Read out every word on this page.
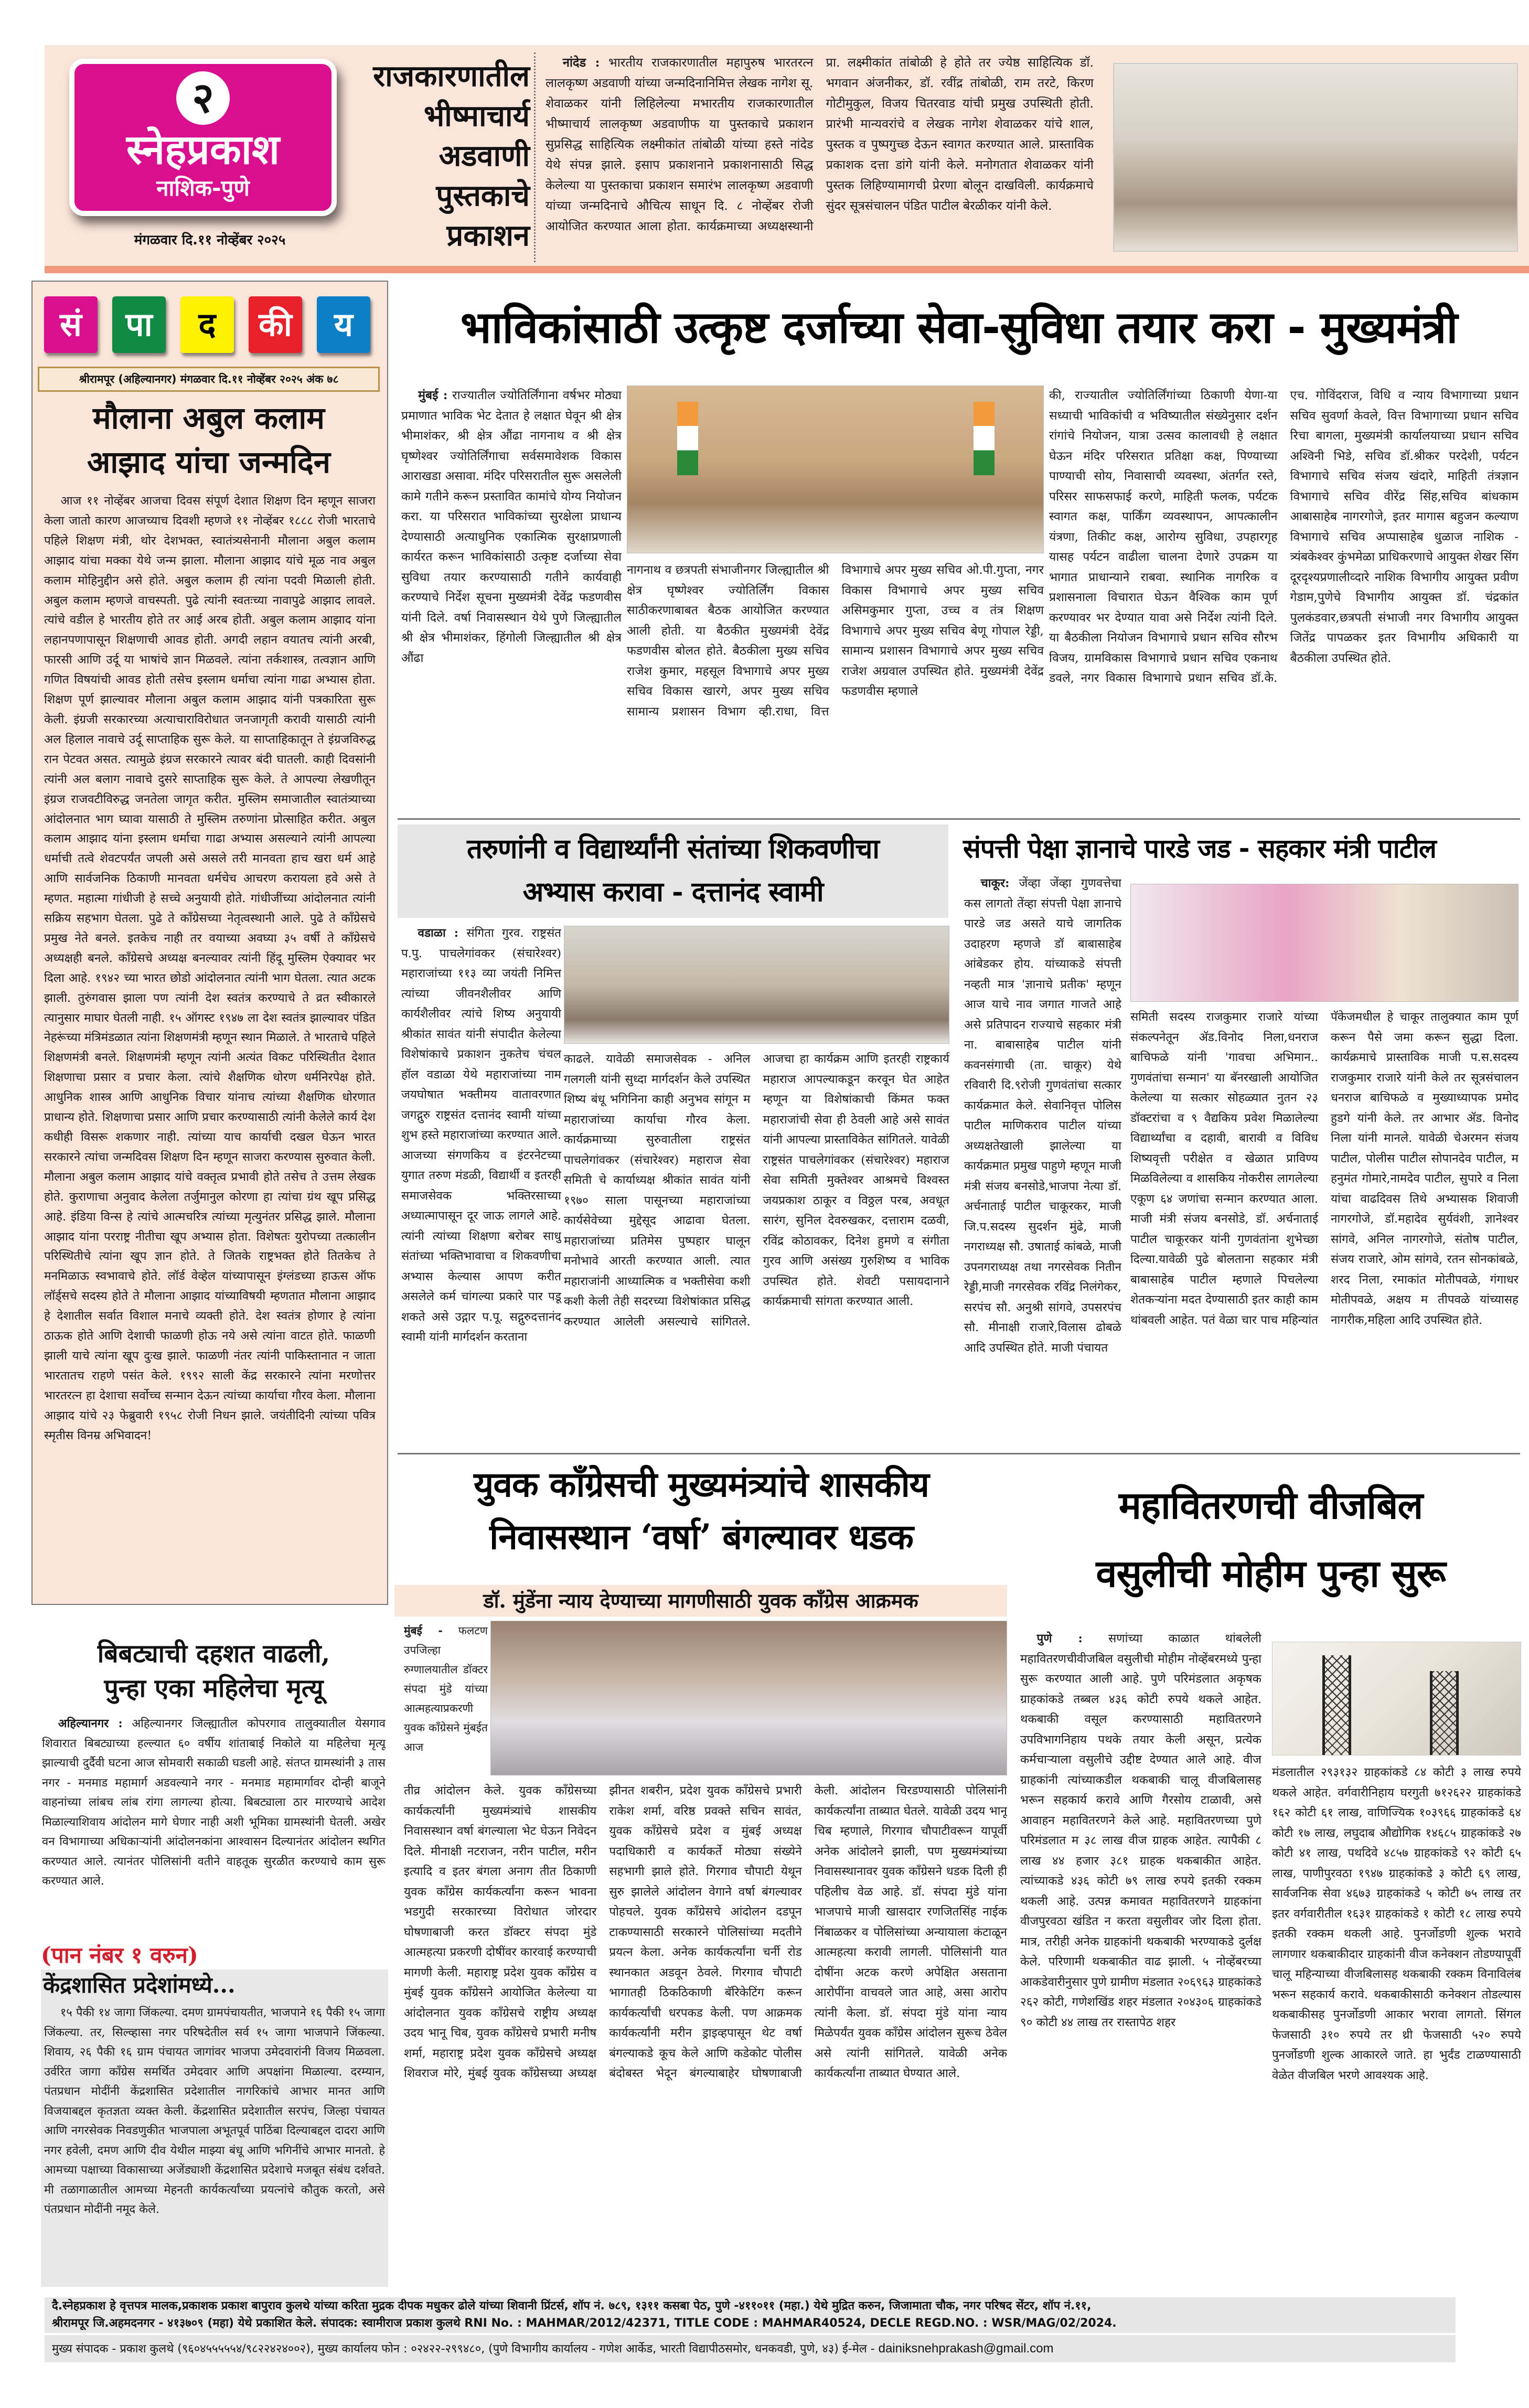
२
स्नेहप्रकाश
नाशिक-पुणे
मंगळवार दि.११ नोव्हेंबर २०२५
राजकारणातील
भीष्माचार्य
अडवाणी
पुस्तकाचे
प्रकाशन

नांदेड : भारतीय राजकारणातील महापुरुष भारतरत्न लालकृष्ण अडवाणी यांच्या जन्मदिनानिमित्त लेखक नागेश सू. शेवाळकर यांनी लिहिलेल्या मभारतीय राजकारणातील भीष्माचार्य लालकृष्ण अडवाणीफ या पुस्तकाचे प्रकाशन सुप्रसिद्ध साहित्यिक लक्ष्मीकांत तांबोळी यांच्या हस्ते नांदेड येथे संपन्न झाले. इसाप प्रकाशनाने प्रकाशनासाठी सिद्ध केलेल्या या पुस्तकाचा प्रकाशन समारंभ लालकृष्ण अडवाणी यांच्या जन्मदिनाचे औचित्य साधून दि. ८ नोव्हेंबर रोजी आयोजित करण्यात आला होता. कार्यक्रमाच्या अध्यक्षस्थानी प्रा. लक्ष्मीकांत तांबोळी हे होते तर ज्येष्ठ साहित्यिक डॉ. भगवान अंजनीकर, डॉ. रवींद्र तांबोळी, राम तरटे, किरण गोटीमुकुल, विजय चितरवाड यांची प्रमुख उपस्थिती होती. प्रारंभी मान्यवरांचे व लेखक नागेश शेवाळकर यांचे शाल, पुस्तक व पुष्पगुच्छ देऊन स्वागत करण्यात आले. प्रास्ताविक प्रकाशक दत्ता डांगे यांनी केले. मनोगतात शेवाळकर यांनी पुस्तक लिहिण्यामागची प्रेरणा बोलून दाखविली. कार्यक्रमाचे सुंदर सूत्रसंचालन पंडित पाटील बेरळीकर यांनी केले.

सं	पा	द	की	य
श्रीरामपूर (अहिल्यानगर) मंगळवार दि.११ नोव्हेंबर २०२५ अंक ७८
मौलाना अबुल कलाम
आझाद यांचा जन्मदिन

आज ११ नोव्हेंबर आजचा दिवस संपूर्ण देशात शिक्षण दिन म्हणून साजरा केला जातो कारण आजच्याच दिवशी म्हणजे ११ नोव्हेंबर १८८८ रोजी भारताचे पहिले शिक्षण मंत्री, थोर देशभक्त, स्वातंत्र्यसेनानी मौलाना अबुल कलाम आझाद यांचा मक्का येथे जन्म झाला. मौलाना आझाद यांचे मूळ नाव अबुल कलाम मोहिनुद्दीन असे होते. अबुल कलाम ही त्यांना पदवी मिळाली होती. अबुल कलाम म्हणजे वाचस्पती. पुढे त्यांनी स्वतःच्या नावापुढे आझाद लावले. त्यांचे वडील हे भारतीय होते तर आई अरब होती. अबुल कलाम आझाद यांना लहानपणापासून शिक्षणाची आवड होती. अगदी लहान वयातच त्यांनी अरबी, फारसी आणि उर्दू या भाषांचे ज्ञान मिळवले. त्यांना तर्कशास्त्र, तत्वज्ञान आणि गणित विषयांची आवड होती तसेच इस्लाम धर्माचा त्यांना गाढा अभ्यास होता. शिक्षण पूर्ण झाल्यावर मौलाना अबुल कलाम आझाद यांनी पत्रकारिता सुरू केली. इंग्रजी सरकारच्या अत्याचाराविरोधात जनजागृती करावी यासाठी त्यांनी अल हिलाल नावाचे उर्दू साप्ताहिक सुरू केले. या साप्ताहिकातून ते इंग्रजविरुद्ध रान पेटवत असत. त्यामुळे इंग्रज सरकारने त्यावर बंदी घातली. काही दिवसांनी त्यांनी अल बलाग नावाचे दुसरे साप्ताहिक सुरू केले. ते आपल्या लेखणीतून इंग्रज राजवटीविरुद्ध जनतेला जागृत करीत. मुस्लिम समाजातील स्वातंत्र्याच्या आंदोलनात भाग घ्यावा यासाठी ते मुस्लिम तरुणांना प्रोत्साहित करीत. अबुल कलाम आझाद यांना इस्लाम धर्माचा गाढा अभ्यास असल्याने त्यांनी आपल्या धर्माची तत्वे शेवटपर्यंत जपली असे असले तरी मानवता हाच खरा धर्म आहे आणि सार्वजनिक ठिकाणी मानवता धर्मचेच आचरण करायला हवे असे ते म्हणत. महात्मा गांधीजी हे सच्चे अनुयायी होते. गांधीजींच्या आंदोलनात त्यांनी सक्रिय सहभाग घेतला. पुढे ते कॉंग्रेसच्या नेतृत्वस्थानी आले. पुढे ते कॉंग्रेसचे प्रमुख नेते बनले. इतकेच नाही तर वयाच्या अवघ्या ३५ वर्षी ते कॉंग्रेसचे अध्यक्षही बनले. कॉंग्रेसचे अध्यक्ष बनल्यावर त्यांनी हिंदू मुस्लिम ऐक्यावर भर दिला आहे. १९४२ च्या भारत छोडो आंदोलनात त्यांनी भाग घेतला. त्यात अटक झाली. तुरुंगवास झाला पण त्यांनी देश स्वतंत्र करण्याचे ते व्रत स्वीकारले त्यानुसार माघार घेतली नाही. १५ ऑगस्ट १९४७ ला देश स्वतंत्र झाल्यावर पंडित नेहरूंच्या मंत्रिमंडळात त्यांना शिक्षणमंत्री म्हणून स्थान मिळाले. ते भारताचे पहिले शिक्षणमंत्री बनले. शिक्षणमंत्री म्हणून त्यांनी अत्यंत विकट परिस्थितीत देशात शिक्षणाचा प्रसार व प्रचार केला. त्यांचे शैक्षणिक धोरण धर्मनिरपेक्ष होते. आधुनिक शास्त्र आणि आधुनिक विचार यांनाच त्यांच्या शैक्षणिक धोरणात प्राधान्य होते. शिक्षणाचा प्रसार आणि प्रचार करण्यासाठी त्यांनी केलेले कार्य देश कधीही विसरू शकणार नाही. त्यांच्या याच कार्याची दखल घेऊन भारत सरकारने त्यांचा जन्मदिवस शिक्षण दिन म्हणून साजरा करण्यास सुरुवात केली. मौलाना अबुल कलाम आझाद यांचे वक्तृत्व प्रभावी होते तसेच ते उत्तम लेखक होते. कुराणाचा अनुवाद केलेला तर्जुमानुल कोरणा हा त्यांचा ग्रंथ खूप प्रसिद्ध आहे. इंडिया विन्स हे त्यांचे आत्मचरित्र त्यांच्या मृत्युनंतर प्रसिद्ध झाले. मौलाना आझाद यांना परराष्ट्र नीतीचा खूप अभ्यास होता. विशेषतः युरोपच्या तत्कालीन परिस्थितीचे त्यांना खूप ज्ञान होते. ते जितके राष्ट्रभक्त होते तितकेच ते मनमिळाऊ स्वभावाचे होते. लॉर्ड वेव्हेल यांच्यापासून इंग्लंडच्या हाऊस ऑफ लॉर्ड्सचे सदस्य होते ते मौलाना आझाद यांच्याविषयी म्हणतात मौलाना आझाद हे देशातील सर्वात विशाल मनाचे व्यक्ती होते. देश स्वतंत्र होणार हे त्यांना ठाऊक होते आणि देशाची फाळणी होऊ नये असे त्यांना वाटत होते. फाळणी झाली याचे त्यांना खूप दुःख झाले. फाळणी नंतर त्यांनी पाकिस्तानात न जाता भारतातच राहणे पसंत केले. १९९२ साली केंद्र सरकारने त्यांना मरणोत्तर भारतरत्न हा देशाचा सर्वोच्च सन्मान देऊन त्यांच्या कार्याचा गौरव केला. मौलाना आझाद यांचे २३ फेब्रुवारी १९५८ रोजी निधन झाले. जयंतीदिनी त्यांच्या पवित्र स्मृतीस विनम्र अभिवादन!

बिबट्याची दहशत वाढली,
पुन्हा एका महिलेचा मृत्यू

अहिल्यानगर : अहिल्यानगर जिल्ह्यातील कोपरगाव तालुक्यातील येसगाव शिवारात बिबट्याच्या हल्ल्यात ६० वर्षीय शांताबाई निकोले या महिलेचा मृत्यू झाल्याची दुर्दैवी घटना आज सोमवारी सकाळी घडली आहे. संतप्त ग्रामस्थांनी ३ तास नगर - मनमाड महामार्ग अडवल्याने नगर - मनमाड महामार्गावर दोन्ही बाजूने वाहनांच्या लांबच लांब रांगा लागल्या होत्या. बिबट्याला ठार मारण्याचे आदेश मिळाल्याशिवाय आंदोलन मागे घेणार नाही अशी भूमिका ग्रामस्थांनी घेतली. अखेर वन विभागाच्या अधिकाऱ्यांनी आंदोलनकांना आश्वासन दिल्यानंतर आंदोलन स्थगित करण्यात आले. त्यानंतर पोलिसांनी वतीने वाहतूक सुरळीत करण्याचे काम सुरू करण्यात आले.

(पान नंबर १ वरुन)
केंद्रशासित प्रदेशांमध्ये...

१५ पैकी १४ जागा जिंकल्या. दमण ग्रामपंचायतीत, भाजपाने १६ पैकी १५ जागा जिंकल्या. तर, सिल्व्हासा नगर परिषदेतील सर्व १५ जागा भाजपाने जिंकल्या. शिवाय, २६ पैकी १६ ग्राम पंचायत जागांवर भाजपा उमेदवारांनी विजय मिळवला. उर्वरित जागा कॉंग्रेस समर्थित उमेदवार आणि अपक्षांना मिळाल्या. दरम्यान, पंतप्रधान मोदींनी केंद्रशासित प्रदेशातील नागरिकांचे आभार मानत आणि विजयाबद्दल कृतज्ञता व्यक्त केली. केंद्रशासित प्रदेशातील सरपंच, जिल्हा पंचायत आणि नगरसेवक निवडणुकीत भाजपाला अभूतपूर्व पाठिंबा दिल्याबद्दल दादरा आणि नगर हवेली, दमण आणि दीव येथील माझ्या बंधू आणि भगिनींचे आभार मानतो. हे आमच्या पक्षाच्या विकासाच्या अजेंड्याशी केंद्रशासित प्रदेशाचे मजबूत संबंध दर्शवते. मी तळागाळातील आमच्या मेहनती कार्यकर्त्यांच्या प्रयत्नांचे कौतुक करतो, असे पंतप्रधान मोदींनी नमूद केले.

भाविकांसाठी उत्कृष्ट दर्जाच्या सेवा-सुविधा तयार करा - मुख्यमंत्री

मुंबई : राज्यातील ज्योतिर्लिंगाना वर्षभर मोठ्या प्रमाणात भाविक भेट देतात हे लक्षात घेवून श्री क्षेत्र भीमाशंकर, श्री क्षेत्र औंढा नागनाथ व श्री क्षेत्र घृष्णेश्वर ज्योतिर्लिंगाचा सर्वसमावेशक विकास आराखडा असावा. मंदिर परिसरातील सुरू असलेली कामे गतीने करून प्रस्तावित कामांचे योग्य नियोजन करा. या परिसरात भाविकांच्या सुरक्षेला प्राधान्य देण्यासाठी अत्याधुनिक एकात्मिक सुरक्षाप्रणाली कार्यरत करून भाविकांसाठी उत्कृष्ट दर्जाच्या सेवा सुविधा तयार करण्यासाठी गतीने कार्यवाही करण्याचे निर्देश सूचना मुख्यमंत्री देवेंद्र फडणवीस यांनी दिले. वर्षा निवासस्थान येथे पुणे जिल्ह्यातील श्री क्षेत्र भीमाशंकर, हिंगोली जिल्ह्यातील श्री क्षेत्र औंढा

नागनाथ व छत्रपती संभाजीनगर जिल्ह्यातील श्री क्षेत्र घृष्णेश्वर ज्योतिर्लिंग विकास साठीकरणाबाबत बैठक आयोजित करण्यात आली होती. या बैठकीत मुख्यमंत्री देवेंद्र फडणवीस बोलत होते. बैठकीला मुख्य सचिव राजेश कुमार, महसूल विभागाचे अपर मुख्य सचिव विकास खारगे, अपर मुख्य सचिव सामान्य प्रशासन विभाग व्ही.राधा, वित्त विभागाचे अपर मुख्य सचिव ओ.पी.गुप्ता, नगर विकास विभागाचे अपर मुख्य सचिव असिमकुमार गुप्ता, उच्च व तंत्र शिक्षण विभागाचे अपर मुख्य सचिव बेणू गोपाल रेड्डी, सामान्य प्रशासन विभागाचे अपर मुख्य सचिव राजेश अग्रवाल उपस्थित होते. मुख्यमंत्री देवेंद्र फडणवीस म्हणाले

की, राज्यातील ज्योतिर्लिंगांच्या ठिकाणी येणा-या सध्याची भाविकांची व भविष्यातील संख्येनुसार दर्शन रांगांचे नियोजन, यात्रा उत्सव कालावधी हे लक्षात घेऊन मंदिर परिसरात प्रतिक्षा कक्ष, पिण्याच्या पाण्याची सोय, निवासाची व्यवस्था, अंतर्गत रस्ते, परिसर साफसफाई करणे, माहिती फलक, पर्यटक स्वागत कक्ष, पार्किंग व्यवस्थापन, आपत्कालीन यंत्रणा, तिकीट कक्ष, आरोग्य सुविधा, उपहारगृह यासह पर्यटन वाढीला चालना देणारे उपक्रम या भागात प्राधान्याने राबवा. स्थानिक नागरिक व प्रशासनाला विचारात घेऊन वैश्विक काम पूर्ण करण्यावर भर देण्यात यावा असे निर्देश त्यांनी दिले. या बैठकीला नियोजन विभागाचे प्रधान सचिव सौरभ विजय, ग्रामविकास विभागाचे प्रधान सचिव एकनाथ डवले, नगर विकास विभागाचे प्रधान सचिव डॉ.के. एच. गोविंदराज, विधि व न्याय विभागाच्या प्रधान सचिव सुवर्णा केवले, वित्त विभागाच्या प्रधान सचिव रिचा बागला, मुख्यमंत्री कार्यालयाच्या प्रधान सचिव अश्विनी भिडे, सचिव डॉ.श्रीकर परदेशी, पर्यटन विभागाचे सचिव संजय खंदारे, माहिती तंत्रज्ञान विभागाचे सचिव वीरेंद्र सिंह,सचिव बांधकाम आबासाहेब नागरगोजे, इतर मागास बहुजन कल्याण विभागाचे सचिव अप्पासाहेब धुळाज नाशिक - त्र्यंबकेश्वर कुंभमेळा प्राधिकरणाचे आयुक्त शेखर सिंग दूरदृश्यप्रणालीव्दारे नाशिक विभागीय आयुक्त प्रवीण गेडाम,पुणेचे विभागीय आयुक्त डॉ. चंद्रकांत पुलकंडवार,छत्रपती संभाजी नगर विभागीय आयुक्त जितेंद्र पापळकर इतर विभागीय अधिकारी या बैठकीला उपस्थित होते.

तरुणांनी व विद्यार्थ्यांनी संतांच्या शिकवणीचा
अभ्यास करावा - दत्तानंद स्वामी

वडाळा : संगिता गुरव. राष्ट्रसंत प.पु. पाचलेगांवकर (संचारेश्वर) महाराजांच्या ११३ व्या जयंती निमित्त त्यांच्या जीवनशैलीवर आणि कार्यशैलीवर त्यांचे शिष्य अनुयायी श्रीकांत सावंत यांनी संपादीत केलेल्या विशेषांकाचे प्रकाशन नुकतेच चंचल हॉल वडाळा येथे महाराजांच्या नाम जयघोषात भक्तीमय वातावरणात जगद्गुरु राष्ट्रसंत दत्तानंद स्वामी यांच्या शुभ हस्ते महाराजांच्या करण्यात आले. आजच्या संगणकिय व इंटरनेटच्या युगात तरुण मंडळी, विद्यार्थी व इतरही समाजसेवक भक्तिरसाच्या अध्यात्मापासून दूर जाऊ लागले आहे. त्यांनी त्यांच्या शिक्षणा बरोबर साधु संतांच्या भक्तिभावाचा व शिकवणीचा अभ्यास केल्यास आपण करीत असलेले कर्म चांगल्या प्रकारे पार पडू शकते असे उद्गार प.पू. सद्गुरुदत्तानंद स्वामी यांनी मार्गदर्शन करताना

काढले. यावेळी समाजसेवक - अनिल गलगली यांनी सुध्दा मार्गदर्शन केले उपस्थित शिष्य बंधू भगिनिना काही अनुभव सांगून म महाराजांच्या कार्याचा गौरव केला. कार्यक्रमाच्या सुरुवातीला राष्ट्रसंत पाचलेगांवकर (संचारेश्वर) महाराज सेवा समिती चे कार्याध्यक्ष श्रीकांत सावंत यांनी १९७० साला पासूनच्या महाराजांच्या कार्यसेवेच्या मुद्देसूद आढावा घेतला. महाराजांच्या प्रतिमेस पुष्पहार घालून मनोभावे आरती करण्यात आली. त्यात महाराजांनी आध्यात्मिक व भक्तीसेवा कशी कशी केली तेही सदरच्या विशेषांकात प्रसिद्ध करण्यात आलेली असल्याचे सांगितले. आजचा हा कार्यक्रम आणि इतरही राष्ट्रकार्य महाराज आपल्याकडून करवून घेत आहेत म्हणून या विशेषांकाची किंमत फक्त महाराजांची सेवा ही ठेवली आहे असे सावंत यांनी आपल्या प्रास्ताविकेत सांगितले. यावेळी राष्ट्रसंत पाचलेगांवकर (संचारेश्वर) महाराज सेवा समिती मुक्तेश्वर आश्रमचे विश्वस्त जयप्रकाश ठाकूर व विठ्ठल परब, अवधूत सारंग, सुनिल देवरुखकर, दत्ताराम दळवी, रविंद्र कोठावकर, दिनेश हुमणे व संगीता गुरव आणि असंख्य गुरुशिष्य व भाविक उपस्थित होते. शेवटी पसायदानाने कार्यक्रमाची सांगता करण्यात आली.

संपत्ती पेक्षा ज्ञानाचे पारडे जड - सहकार मंत्री पाटील

चाकूर: जेंव्हा जेंव्हा गुणवत्तेचा कस लागतो तेंव्हा संपत्ती पेक्षा ज्ञानाचे पारडे जड असते याचे जागतिक उदाहरण म्हणजे डॉ बाबासाहेब आंबेडकर होय. यांच्याकडे संपत्ती नव्हती मात्र 'ज्ञानाचे प्रतीक' म्हणून आज याचे नाव जगात गाजते आहे असे प्रतिपादन राज्याचे सहकार मंत्री ना. बाबासाहेब पाटील यांनी कवनसंगाची (ता. चाकूर) येथे रविवारी दि.९रोजी गुणवंतांचा सत्कार कार्यक्रमात केले. सेवानिवृत्त पोलिस पाटील माणिकराव पाटील यांच्या अध्यक्षतेखाली झालेल्या या कार्यक्रमात प्रमुख पाहुणे म्हणून माजी मंत्री संजय बनसोडे,भाजपा नेत्या डॉ. अर्चनाताई पाटील चाकूरकर, माजी जि.प.सदस्य सुदर्शन मुंढे, माजी नगराध्यक्ष सौ. उषाताई कांबळे, माजी उपनगराध्यक्ष तथा नगरसेवक नितीन रेड्डी,माजी नगरसेवक रविंद्र निलंगेकर, सरपंच सौ. अनुश्री सांगवे, उपसरपंच सौ. मीनाक्षी राजारे,विलास ढोबळे आदि उपस्थित होते. माजी पंचायत

समिती सदस्य राजकुमार राजारे यांच्या संकल्पनेतून ॲड.विनोद निला,धनराज बाचिफळे यांनी 'गावचा अभिमान.. गुणवंतांचा सन्मान' या बॅनरखाली आयोजित केलेल्या या सत्कार सोहळ्यात नुतन २३ डॉक्टरांचा व ९ वैद्यकिय प्रवेश मिळालेल्या विद्यार्थ्यांचा व दहावी, बारावी व विविध शिष्यवृत्ती परीक्षेत व खेळात प्राविण्य मिळविलेल्या व शासकिय नोकरीस लागलेल्या एकूण ६४ जणांचा सन्मान करण्यात आला. माजी मंत्री संजय बनसोडे, डॉ. अर्चनाताई पाटील चाकूरकर यांनी गुणवंतांना शुभेच्छा दिल्या.यावेळी पुढे बोलताना सहकार मंत्री बाबासाहेब पाटील म्हणाले पिचलेल्या शेतकऱ्यांना मदत देण्यासाठी इतर काही काम थांबवली आहेत. पतं वेळा चार पाच महिन्यांत पॅकेजमधील हे चाकूर तालुक्यात काम पूर्ण करून पैसे जमा करून सुद्धा दिला. कार्यक्रमाचे प्रास्ताविक माजी प.स.सदस्य राजकुमार राजारे यांनी केले तर सूत्रसंचालन धनराज बाचिफळे व मुख्याध्यापक प्रमोद हुडगे यांनी केले. तर आभार ॲड. विनोद निला यांनी मानले. यावेळी चेअरमन संजय पाटील, पोलीस पाटील सोपानदेव पाटील, म हनुमंत गोमारे,नामदेव पाटील, सुपारे व निला यांचा वाढदिवस तिथे अभ्यासक शिवाजी नागरगोजे, डॉ.महादेव सुर्यवंशी, ज्ञानेश्वर सांगवे, अनिल नागरगोजे, संतोष पाटील, संजय राजारे, ओम सांगवे, रतन सोनकांबळे, शरद निला, रमाकांत मोतीपवळे, गंगाधर मोतीपवळे, अक्षय म तीपवळे यांच्यासह नागरीक,महिला आदि उपस्थित होते.

युवक कॉंग्रेसची मुख्यमंत्र्यांचे शासकीय
निवासस्थान ‘वर्षा’ बंगल्यावर धडक
डॉ. मुंडेंना न्याय देण्याच्या मागणीसाठी युवक कॉंग्रेस आक्रमक

मुंबई - फलटण उपजिल्हा रुग्णालयातील डॉक्टर संपदा मुंडे यांच्या आत्महत्याप्रकरणी युवक कॉंग्रेसने मुंबईत आज

तीव्र आंदोलन केले. युवक कॉंग्रेसच्या कार्यकर्त्यांनी मुख्यमंत्र्यांचे शासकीय निवासस्थान वर्षा बंगल्याला भेट घेऊन निवेदन दिले. मीनाक्षी नटराजन, नरीन पाटील, मरीन इत्यादि व इतर बंगला अनाग तीत ठिकाणी युवक कॉंग्रेस कार्यकर्त्यांना करून भावना भडगुदी सरकारच्या विरोधात जोरदार घोषणाबाजी करत डॉक्टर संपदा मुंडे आत्महत्या प्रकरणी दोषींवर कारवाई करण्याची मागणी केली. महाराष्ट्र प्रदेश युवक कॉंग्रेस व मुंबई युवक कॉंग्रेसने आयोजित केलेल्या या आंदोलनात युवक कॉंग्रेसचे राष्ट्रीय अध्यक्ष उदय भानू चिब, युवक कॉंग्रेसचे प्रभारी मनीष शर्मा, महाराष्ट्र प्रदेश युवक कॉंग्रेसचे अध्यक्ष शिवराज मोरे, मुंबई युवक कॉंग्रेसच्या अध्यक्ष झीनत शबरीन, प्रदेश युवक कॉंग्रेसचे प्रभारी राकेश शर्मा, वरिष्ठ प्रवक्ते सचिन सावंत, युवक कॉंग्रेसचे प्रदेश व मुंबई अध्यक्ष पदाधिकारी व कार्यकर्ते मोठ्या संख्येने सहभागी झाले होते. गिरगाव चौपाटी येथून सुरु झालेले आंदोलन वेगाने वर्षा बंगल्यावर पोहचले. युवक कॉंग्रेसचे आंदोलन दडपून टाकण्यासाठी सरकारने पोलिसांच्या मदतीने प्रयत्न केला. अनेक कार्यकर्त्यांना चर्नी रोड स्थानकात अडवून ठेवले. गिरगाव चौपाटी भागातही ठिकठिकाणी बॅरिकेटिंग करून कार्यकर्त्यांची धरपकड केली. पण आक्रमक कार्यकर्त्यांनी मरीन ड्राइव्हपासून थेट वर्षा बंगल्याकडे कूच केले आणि कडेकोट पोलीस बंदोबस्त भेदून बंगल्याबाहेर घोषणाबाजी केली. आंदोलन चिरडण्यासाठी पोलिसांनी कार्यकर्त्यांना ताब्यात घेतले. यावेळी उदय भानू चिब म्हणाले, गिरगाव चौपाटीवरून यापूर्वी अनेक आंदोलने झाली, पण मुख्यमंत्र्यांच्या निवासस्थानावर युवक कॉंग्रेसने धडक दिली ही पहिलीच वेळ आहे. डॉ. संपदा मुंडे यांना भाजपाचे माजी खासदार रणजितसिंह नाईक निंबाळकर व पोलिसांच्या अन्यायाला कंटाळून आत्महत्या करावी लागली. पोलिसांनी यात दोषींना अटक करणे अपेक्षित असताना आरोपींना वाचवले जात आहे, असा आरोप त्यांनी केला. डॉ. संपदा मुंडे यांना न्याय मिळेपर्यंत युवक कॉंग्रेस आंदोलन सुरूच ठेवेल असे त्यांनी सांगितले. यावेळी अनेक कार्यकर्त्यांना ताब्यात घेण्यात आले.

महावितरणची वीजबिल
वसुलीची मोहीम पुन्हा सुरू

पुणे : सणांच्या काळात थांबलेली महावितरणचीवीजबिल वसुलीची मोहीम नोव्हेंबरमध्ये पुन्हा सुरू करण्यात आली आहे. पुणे परिमंडलात अकृषक ग्राहकांकडे तब्बल ४३६ कोटी रुपये थकले आहेत. थकबाकी वसूल करण्यासाठी महावितरणने उपविभागनिहाय पथके तयार केली असून, प्रत्येक कर्मचाऱ्याला वसुलीचे उद्दीष्ट देण्यात आले आहे. वीज ग्राहकांनी त्यांच्याकडील थकबाकी चालू वीजबिलासह भरून सहकार्य करावे आणि गैरसोय टाळावी, असे आवाहन महावितरणने केले आहे. महावितरणच्या पुणे परिमंडलात म ३८ लाख वीज ग्राहक आहेत. त्यापैकी ८ लाख ४४ हजार ३८१ ग्राहक थकबाकीत आहेत. त्यांच्याकडे ४३६ कोटी ७९ लाख रुपये इतकी रक्कम थकली आहे. उत्पन्न कमावत महावितरणने ग्राहकांना वीजपुरवठा खंडित न करता वसुलीवर जोर दिला होता. मात्र, तरीही अनेक ग्राहकांनी थकबाकी भरण्याकडे दुर्लक्ष केले. परिणामी थकबाकीत वाढ झाली. ५ नोव्हेंबरच्या आकडेवारीनुसार पुणे ग्रामीण मंडलात २०६९६३ ग्राहकांकडे २६२ कोटी, गणेशखिंड शहर मंडलात २०४३०६ ग्राहकांकडे ९० कोटी ४४ लाख तर रास्तापेठ शहर

मंडलातील २९३१३२ ग्राहकांकडे ८४ कोटी ३ लाख रुपये थकले आहेत. वर्गवारीनिहाय घरगुती ७१२६२२ ग्राहकांकडे १६२ कोटी ६१ लाख, वाणिज्यिक १०३९६६ ग्राहकांकडे ६४ कोटी १७ लाख, लघुदाब औद्योगिक १४६८५ ग्राहकांकडे २७ कोटी ४१ लाख, पथदिवे ४८५७ ग्राहकांकडे ९२ कोटी ६५ लाख, पाणीपुरवठा १९४७ ग्राहकांकडे ३ कोटी ६९ लाख, सार्वजनिक सेवा ४६७३ ग्राहकांकडे ५ कोटी ७५ लाख तर इतर वर्गवारीतील १६३१ ग्राहकांकडे १ कोटी १८ लाख रुपये इतकी रक्कम थकली आहे. पुनर्जोडणी शुल्क भरावे लागणार थकबाकीदार ग्राहकांनी वीज कनेक्शन तोडण्यापूर्वी चालू महिन्याच्या वीजबिलासह थकबाकी रक्कम विनाविलंब भरून सहकार्य करावे. थकबाकीसाठी कनेक्शन तोडल्यास थकबाकीसह पुनर्जोडणी आकार भरावा लागतो. सिंगल फेजसाठी ३१० रुपये तर थ्री फेजसाठी ५२० रुपये पुनर्जोडणी शुल्क आकारले जाते. हा भुर्दंड टाळण्यासाठी वेळेत वीजबिल भरणे आवश्यक आहे.

दै.स्नेहप्रकाश हे वृत्तपत्र मालक,प्रकाशक प्रकाश बापुराव कुलथे यांच्या करिता मुद्रक दीपक मधुकर ढोले यांच्या शिवानी प्रिंटर्स, शॉप नं. ७८९, १३११ कसबा पेठ, पुणे -४११०११ (महा.) येथे मुद्रित करुन, जिजामाता चौक, नगर परिषद सेंटर, शॉप नं.११,
श्रीरामपूर जि.अहमदनगर - ४१३७०९ (महा) येथे प्रकाशित केले. संपादक: स्वामीराज प्रकाश कुलथे RNI No. : MAHMAR/2012/42371, TITLE CODE : MAHMAR40524, DECLE REGD.NO. : WSR/MAG/02/2024.
मुख्य संपादक - प्रकाश कुलथे (९६०४५५५५५४/९८२२४२४००२), मुख्य कार्यालय फोन : ०२४२२-२९९४८०, (पुणे विभागीय कार्यालय - गणेश आर्केड, भारती विद्यापीठसमोर, धनकवडी, पुणे, ४३) ई-मेल - dainiksnehprakash@gmail.com
